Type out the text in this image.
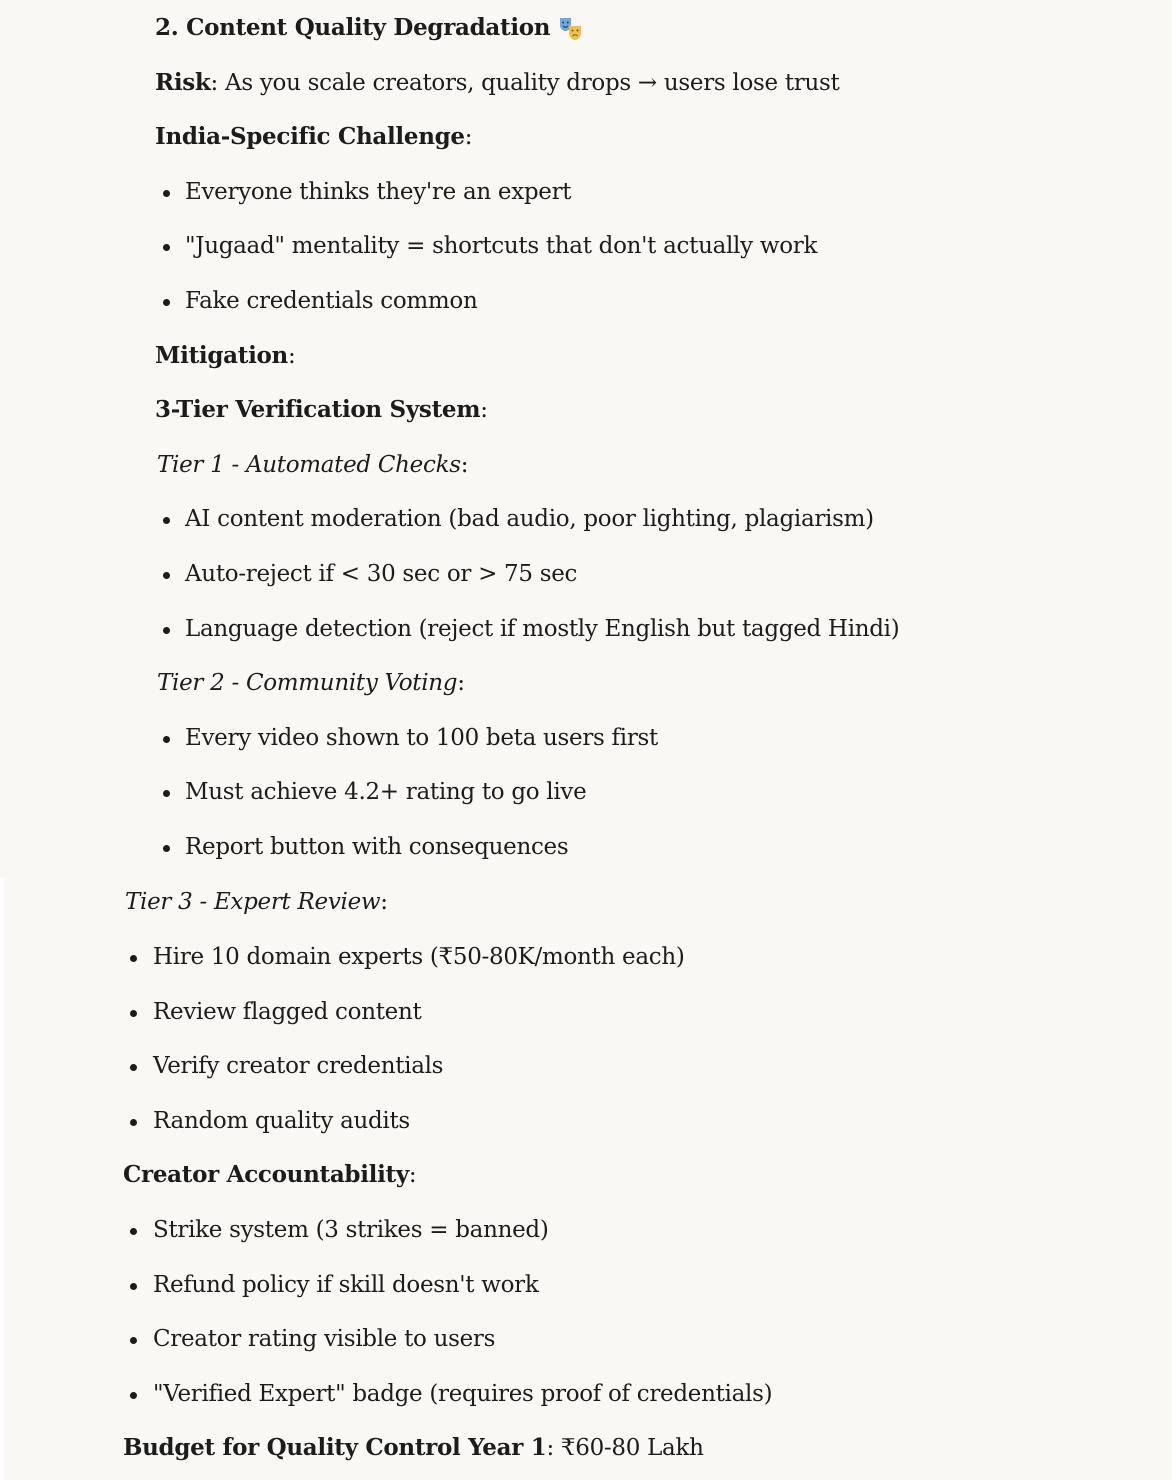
2. Content Quality Degradation
Risk: As you scale creators, quality drops → users lose trust
India-Specific Challenge:
Everyone thinks they're an expert
"Jugaad" mentality = shortcuts that don't actually work
Fake credentials common
Mitigation:
3-Tier Verification System:
Tier 1 - Automated Checks:
AI content moderation (bad audio, poor lighting, plagiarism)
Auto-reject if < 30 sec or > 75 sec
Language detection (reject if mostly English but tagged Hindi)
Tier 2 - Community Voting:
Every video shown to 100 beta users first
Must achieve 4.2+ rating to go live
Report button with consequences
Tier 3 - Expert Review:
Hire 10 domain experts (₹50-80K/month each)
Review flagged content
Verify creator credentials
Random quality audits
Creator Accountability:
Strike system (3 strikes = banned)
Refund policy if skill doesn't work
Creator rating visible to users
"Verified Expert" badge (requires proof of credentials)
Budget for Quality Control Year 1: ₹60-80 Lakh
